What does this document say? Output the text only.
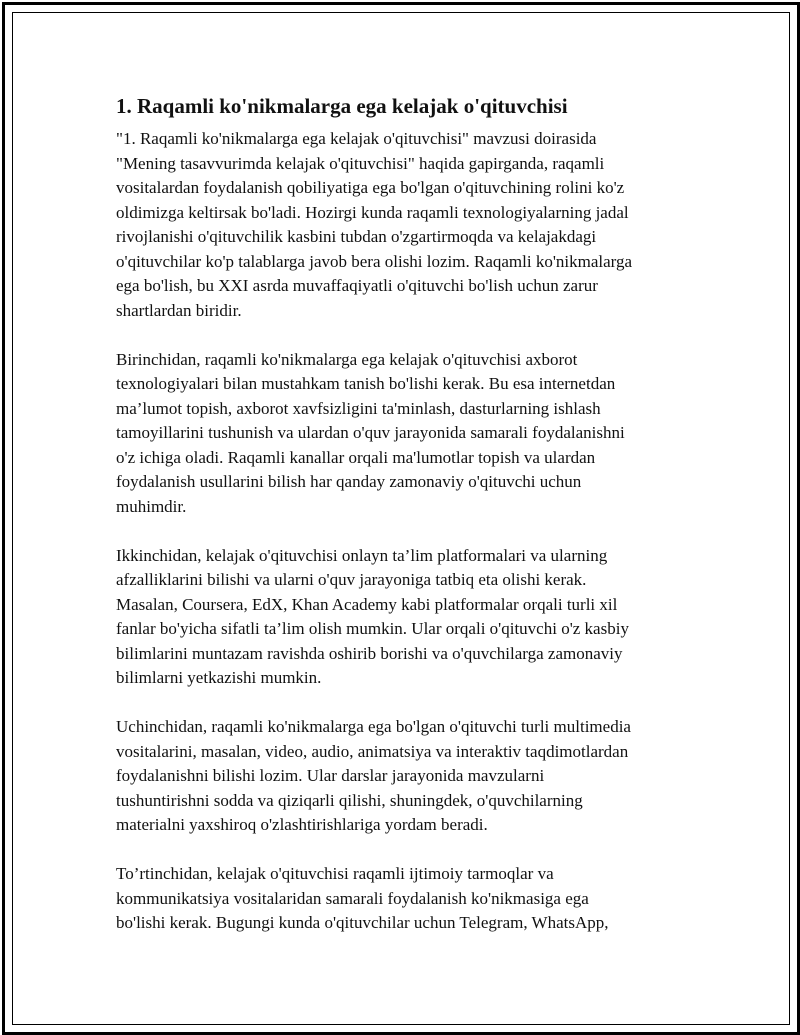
1. Raqamli ko'nikmalarga ega kelajak o'qituvchisi

"1. Raqamli ko'nikmalarga ega kelajak o'qituvchisi" mavzusi doirasida
"Mening tasavvurimda kelajak o'qituvchisi" haqida gapirganda, raqamli
vositalardan foydalanish qobiliyatiga ega bo'lgan o'qituvchining rolini ko'z
oldimizga keltirsak bo'ladi. Hozirgi kunda raqamli texnologiyalarning jadal
rivojlanishi o'qituvchilik kasbini tubdan o'zgartirmoqda va kelajakdagi
o'qituvchilar ko'p talablarga javob bera olishi lozim. Raqamli ko'nikmalarga
ega bo'lish, bu XXI asrda muvaffaqiyatli o'qituvchi bo'lish uchun zarur
shartlardan biridir.

Birinchidan, raqamli ko'nikmalarga ega kelajak o'qituvchisi axborot
texnologiyalari bilan mustahkam tanish bo'lishi kerak. Bu esa internetdan
ma’lumot topish, axborot xavfsizligini ta'minlash, dasturlarning ishlash
tamoyillarini tushunish va ulardan o'quv jarayonida samarali foydalanishni
o'z ichiga oladi. Raqamli kanallar orqali ma'lumotlar topish va ulardan
foydalanish usullarini bilish har qanday zamonaviy o'qituvchi uchun
muhimdir.

Ikkinchidan, kelajak o'qituvchisi onlayn ta’lim platformalari va ularning
afzalliklarini bilishi va ularni o'quv jarayoniga tatbiq eta olishi kerak.
Masalan, Coursera, EdX, Khan Academy kabi platformalar orqali turli xil
fanlar bo'yicha sifatli ta’lim olish mumkin. Ular orqali o'qituvchi o'z kasbiy
bilimlarini muntazam ravishda oshirib borishi va o'quvchilarga zamonaviy
bilimlarni yetkazishi mumkin.

Uchinchidan, raqamli ko'nikmalarga ega bo'lgan o'qituvchi turli multimedia
vositalarini, masalan, video, audio, animatsiya va interaktiv taqdimotlardan
foydalanishni bilishi lozim. Ular darslar jarayonida mavzularni
tushuntirishni sodda va qiziqarli qilishi, shuningdek, o'quvchilarning
materialni yaxshiroq o'zlashtirishlariga yordam beradi.

To’rtinchidan, kelajak o'qituvchisi raqamli ijtimoiy tarmoqlar va
kommunikatsiya vositalaridan samarali foydalanish ko'nikmasiga ega
bo'lishi kerak. Bugungi kunda o'qituvchilar uchun Telegram, WhatsApp,
